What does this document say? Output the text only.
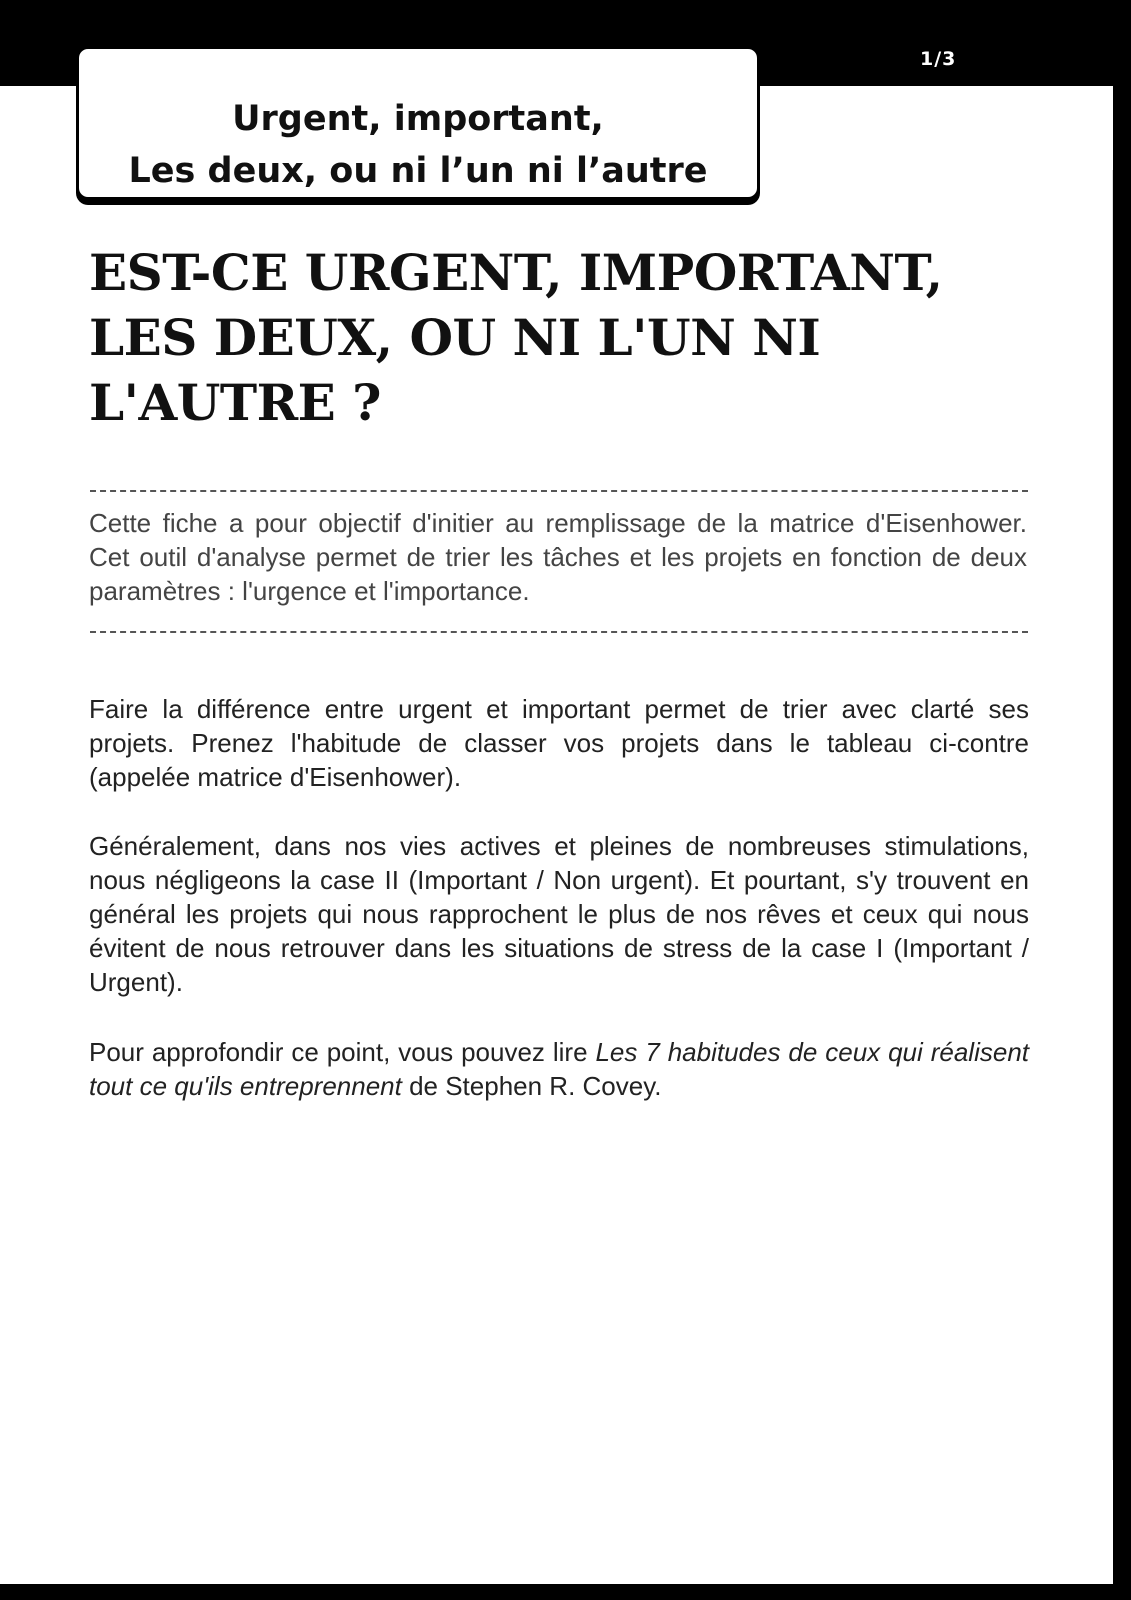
1/3
Urgent, important,
Les deux, ou ni l’un ni l’autre
EST-CE URGENT, IMPORTANT,
LES DEUX, OU NI L'UN NI
L'AUTRE ?

Cette fiche a pour objectif d'initier au remplissage de la matrice d'Eisenhower. Cet outil d'analyse permet de trier les tâches et les projets en fonction de deux paramètres : l'urgence et l'importance.

Faire la différence entre urgent et important permet de trier avec clarté ses projets. Prenez l'habitude de classer vos projets dans le tableau ci-contre (appelée matrice d'Eisenhower).

Généralement, dans nos vies actives et pleines de nombreuses stimulations, nous négligeons la case II (Important / Non urgent). Et pourtant, s'y trouvent en général les projets qui nous rapprochent le plus de nos rêves et ceux qui nous évitent de nous retrouver dans les situations de stress de la case I (Important / Urgent).

Pour approfondir ce point, vous pouvez lire Les 7 habitudes de ceux qui réalisent tout ce qu'ils entreprennent de Stephen R. Covey.
